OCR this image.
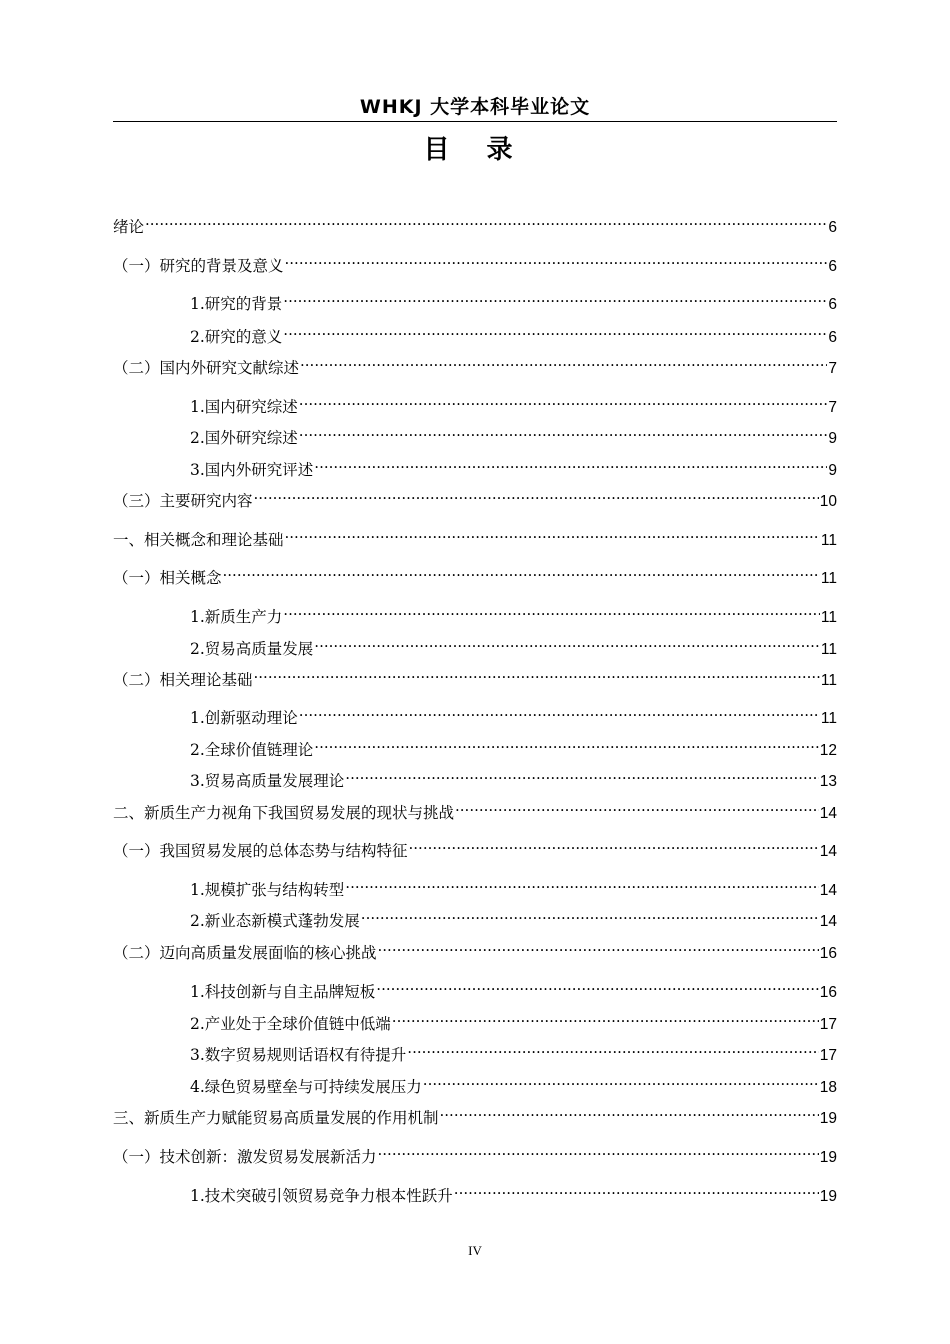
WHKJ 大学本科毕业论文
目 录
绪论 .....	6
（一）研究的背景及意义 .....	6
1.研究的背景 .....	6
2.研究的意义 .....	6
（二）国内外研究文献综述 .....	7
1.国内研究综述 .....	7
2.国外研究综述 .....	9
3.国内外研究评述 .....	9
（三）主要研究内容 .....	10
一、相关概念和理论基础 .....	11
（一）相关概念 .....	11
1.新质生产力 .....	11
2.贸易高质量发展 .....	11
（二）相关理论基础 .....	11
1.创新驱动理论 .....	11
2.全球价值链理论 .....	12
3.贸易高质量发展理论 .....	13
二、新质生产力视角下我国贸易发展的现状与挑战 .....	14
（一）我国贸易发展的总体态势与结构特征 .....	14
1.规模扩张与结构转型 .....	14
2.新业态新模式蓬勃发展 .....	14
（二）迈向高质量发展面临的核心挑战 .....	16
1.科技创新与自主品牌短板 .....	16
2.产业处于全球价值链中低端 .....	17
3.数字贸易规则话语权有待提升 .....	17
4.绿色贸易壁垒与可持续发展压力 .....	18
三、新质生产力赋能贸易高质量发展的作用机制 .....	19
（一）技术创新：激发贸易发展新活力 .....	19
1.技术突破引领贸易竞争力根本性跃升 .....	19
IV
